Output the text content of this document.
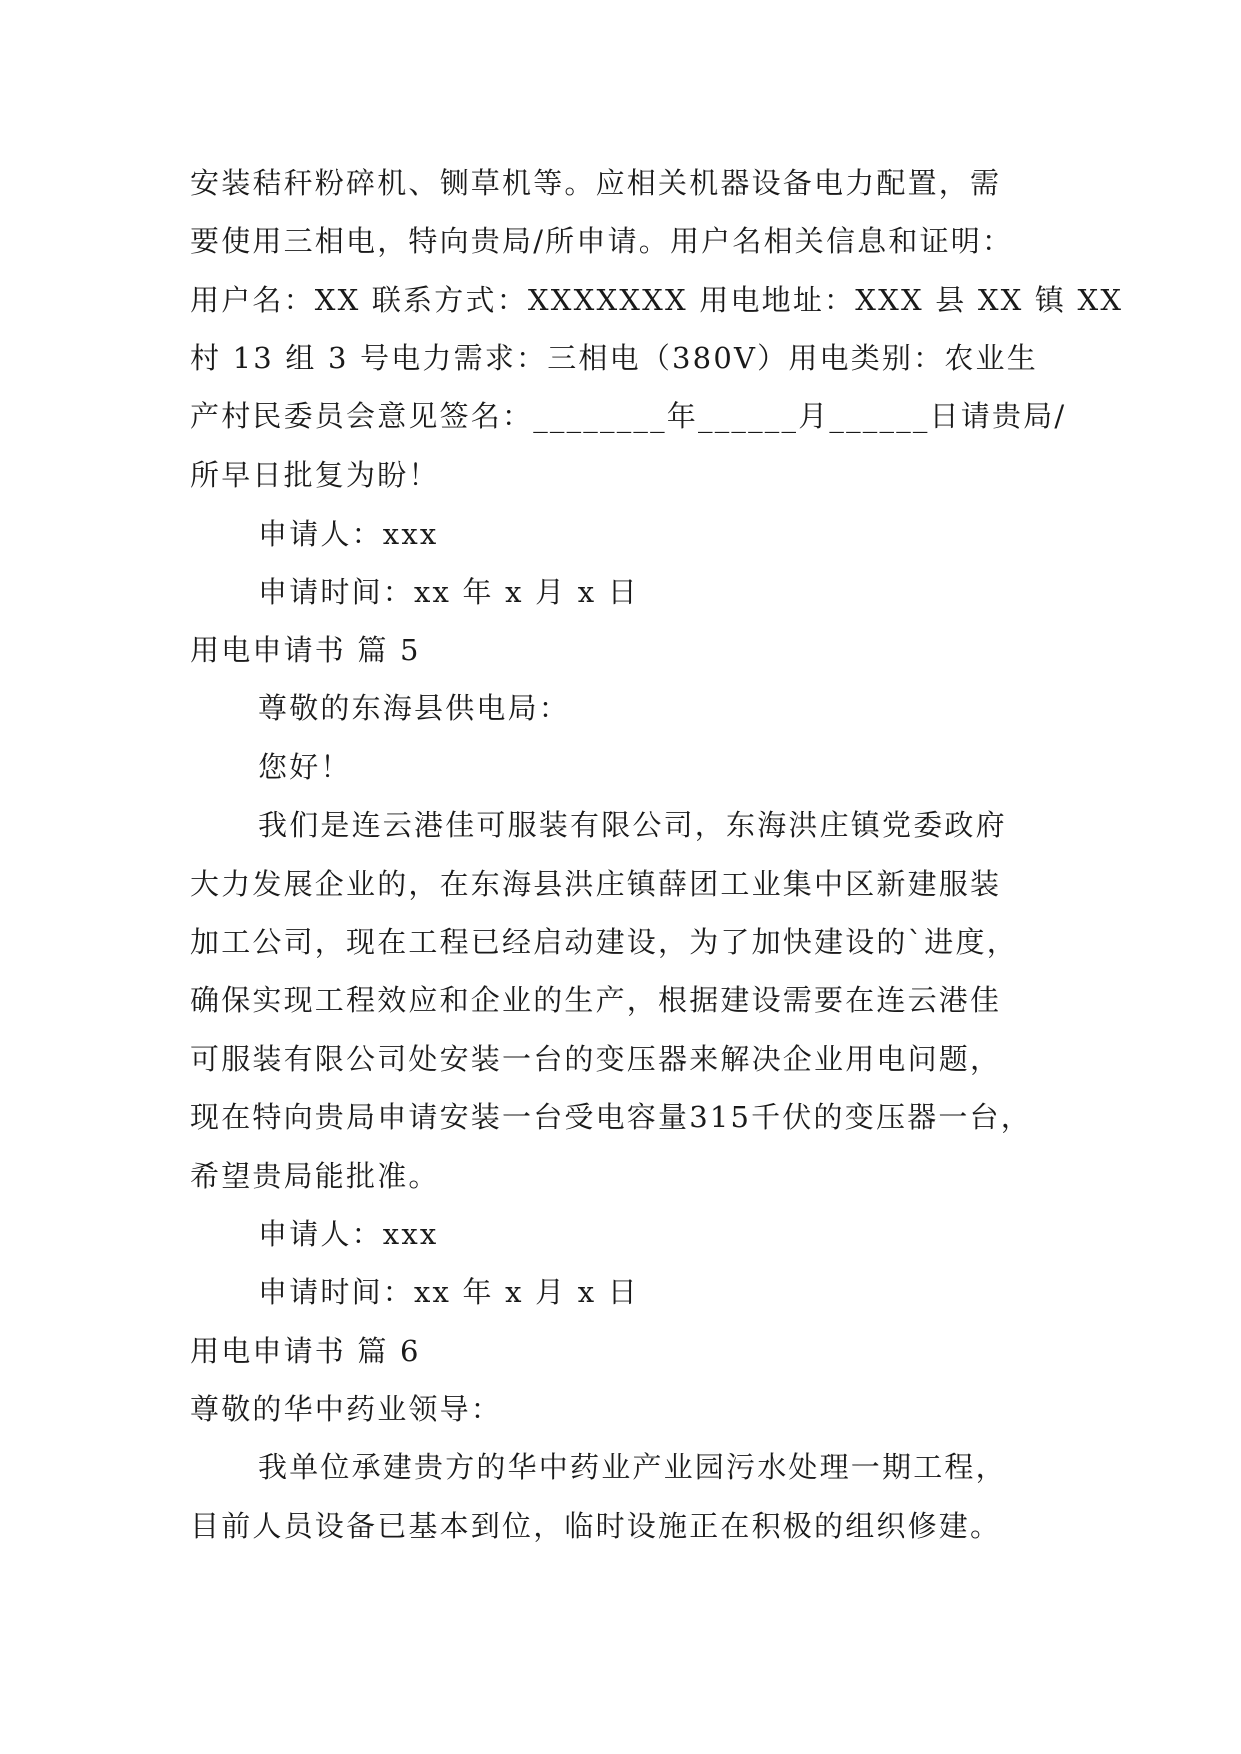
安装秸秆粉碎机、铡草机等。应相关机器设备电力配置，需
要使用三相电，特向贵局/所申请。用户名相关信息和证明：
用户名：XX 联系方式：XXXXXXX 用电地址：XXX 县 XX 镇 XX
村 13 组 3 号电力需求：三相电（380V）用电类别：农业生
产村民委员会意见签名：________年______月______日请贵局/
所早日批复为盼！
申请人：xxx
申请时间：xx 年 x 月 x 日
用电申请书 篇 5
尊敬的东海县供电局：
您好！
我们是连云港佳可服装有限公司，东海洪庄镇党委政府
大力发展企业的，在东海县洪庄镇薛团工业集中区新建服装
加工公司，现在工程已经启动建设，为了加快建设的`进度，
确保实现工程效应和企业的生产，根据建设需要在连云港佳
可服装有限公司处安装一台的变压器来解决企业用电问题，
现在特向贵局申请安装一台受电容量315千伏的变压器一台，
希望贵局能批准。
申请人：xxx
申请时间：xx 年 x 月 x 日
用电申请书 篇 6
尊敬的华中药业领导：
我单位承建贵方的华中药业产业园污水处理一期工程，
目前人员设备已基本到位，临时设施正在积极的组织修建。
